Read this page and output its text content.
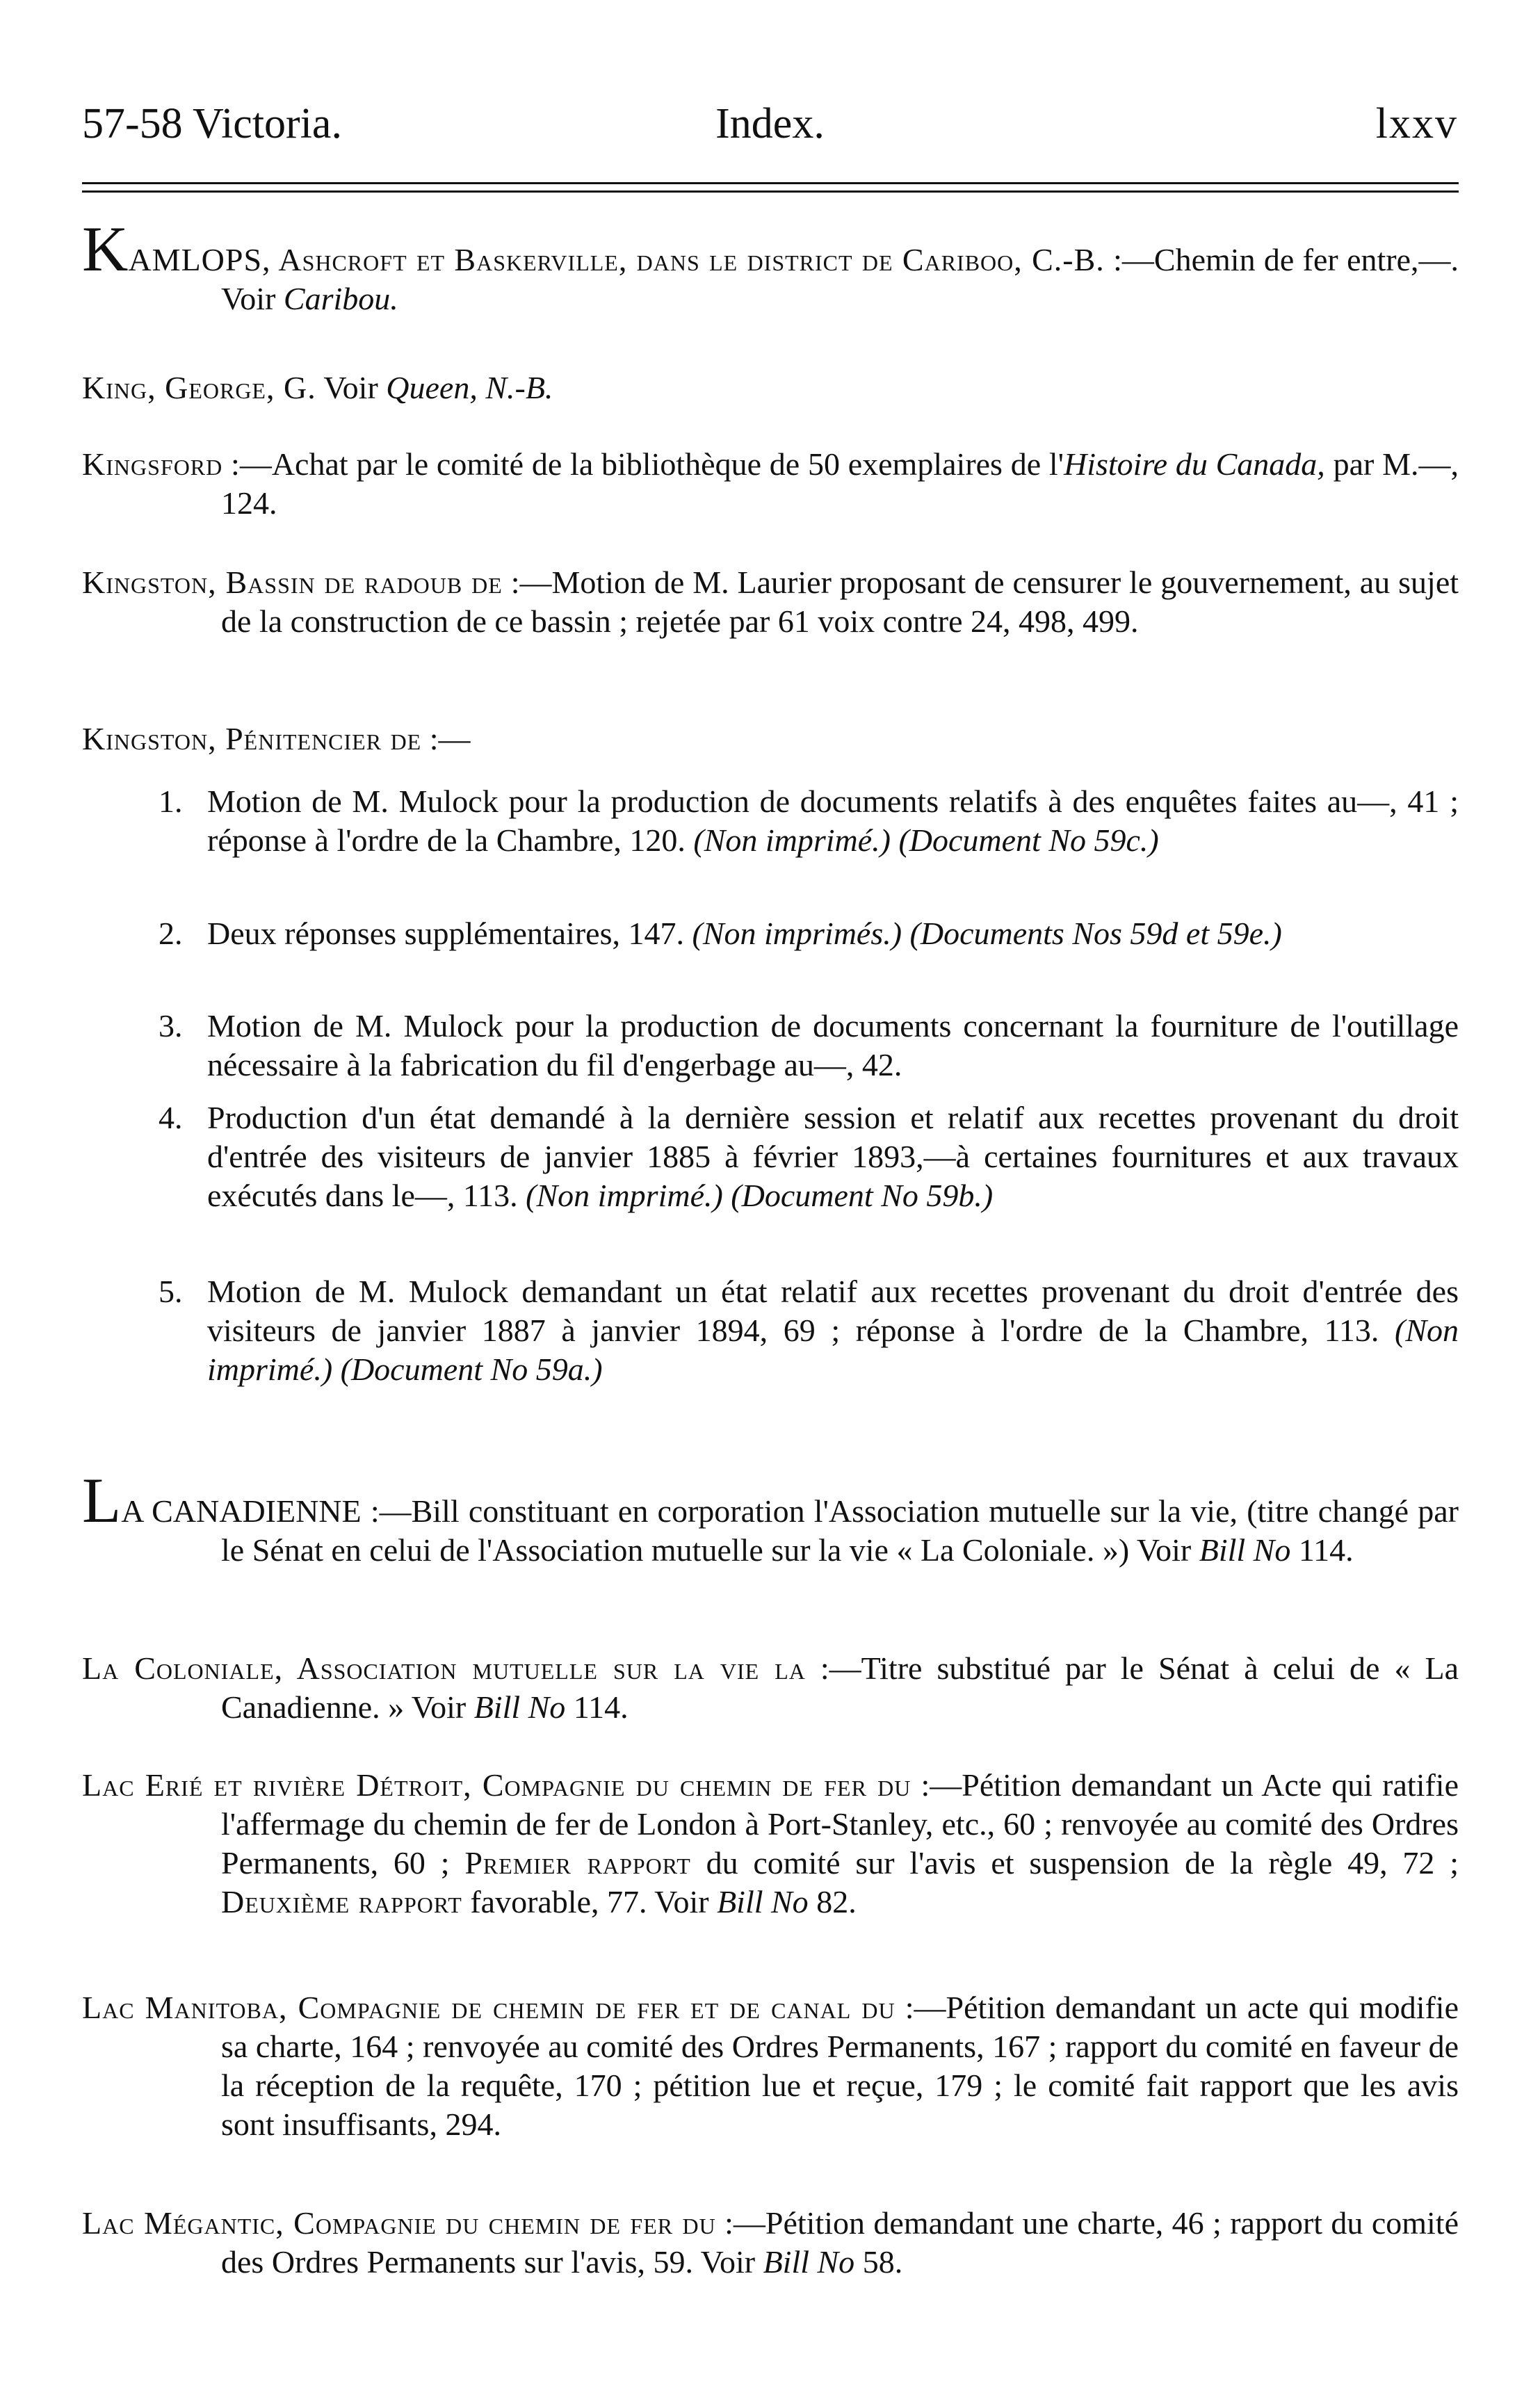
57-58 Victoria.	Index.	lxxv

KAMLOPS, Ashcroft et Baskerville, dans le district de Cariboo, C.-B. :—Chemin de fer entre,—. Voir Caribou.

King, George, G. Voir Queen, N.-B.

Kingsford :—Achat par le comité de la bibliothèque de 50 exemplaires de l'Histoire du Canada, par M.—, 124.

Kingston, Bassin de radoub de :—Motion de M. Laurier proposant de censurer le gouvernement, au sujet de la construction de ce bassin ; rejetée par 61 voix contre 24, 498, 499.

Kingston, Pénitencier de :—

1. Motion de M. Mulock pour la production de documents relatifs à des enquêtes faites au—, 41 ; réponse à l'ordre de la Chambre, 120. (Non imprimé.) (Document No 59c.)

2. Deux réponses supplémentaires, 147. (Non imprimés.) (Documents Nos 59d et 59e.)

3. Motion de M. Mulock pour la production de documents concernant la fourniture de l'outillage nécessaire à la fabrication du fil d'engerbage au—, 42.

4. Production d'un état demandé à la dernière session et relatif aux recettes provenant du droit d'entrée des visiteurs de janvier 1885 à février 1893,—à certaines fournitures et aux travaux exécutés dans le—, 113. (Non imprimé.) (Document No 59b.)

5. Motion de M. Mulock demandant un état relatif aux recettes provenant du droit d'entrée des visiteurs de janvier 1887 à janvier 1894, 69 ; réponse à l'ordre de la Chambre, 113. (Non imprimé.) (Document No 59a.)

LA CANADIENNE :—Bill constituant en corporation l'Association mutuelle sur la vie, (titre changé par le Sénat en celui de l'Association mutuelle sur la vie « La Coloniale. ») Voir Bill No 114.

La Coloniale, Association mutuelle sur la vie la :—Titre substitué par le Sénat à celui de « La Canadienne. » Voir Bill No 114.

Lac Erié et rivière Détroit, Compagnie du chemin de fer du :—Pétition demandant un Acte qui ratifie l'affermage du chemin de fer de London à Port-Stanley, etc., 60 ; renvoyée au comité des Ordres Permanents, 60 ; Premier rapport du comité sur l'avis et suspension de la règle 49, 72 ; Deuxième rapport favorable, 77. Voir Bill No 82.

Lac Manitoba, Compagnie de chemin de fer et de canal du :—Pétition demandant un acte qui modifie sa charte, 164 ; renvoyée au comité des Ordres Permanents, 167 ; rapport du comité en faveur de la réception de la requête, 170 ; pétition lue et reçue, 179 ; le comité fait rapport que les avis sont insuffisants, 294.

Lac Mégantic, Compagnie du chemin de fer du :—Pétition demandant une charte, 46 ; rapport du comité des Ordres Permanents sur l'avis, 59. Voir Bill No 58.
